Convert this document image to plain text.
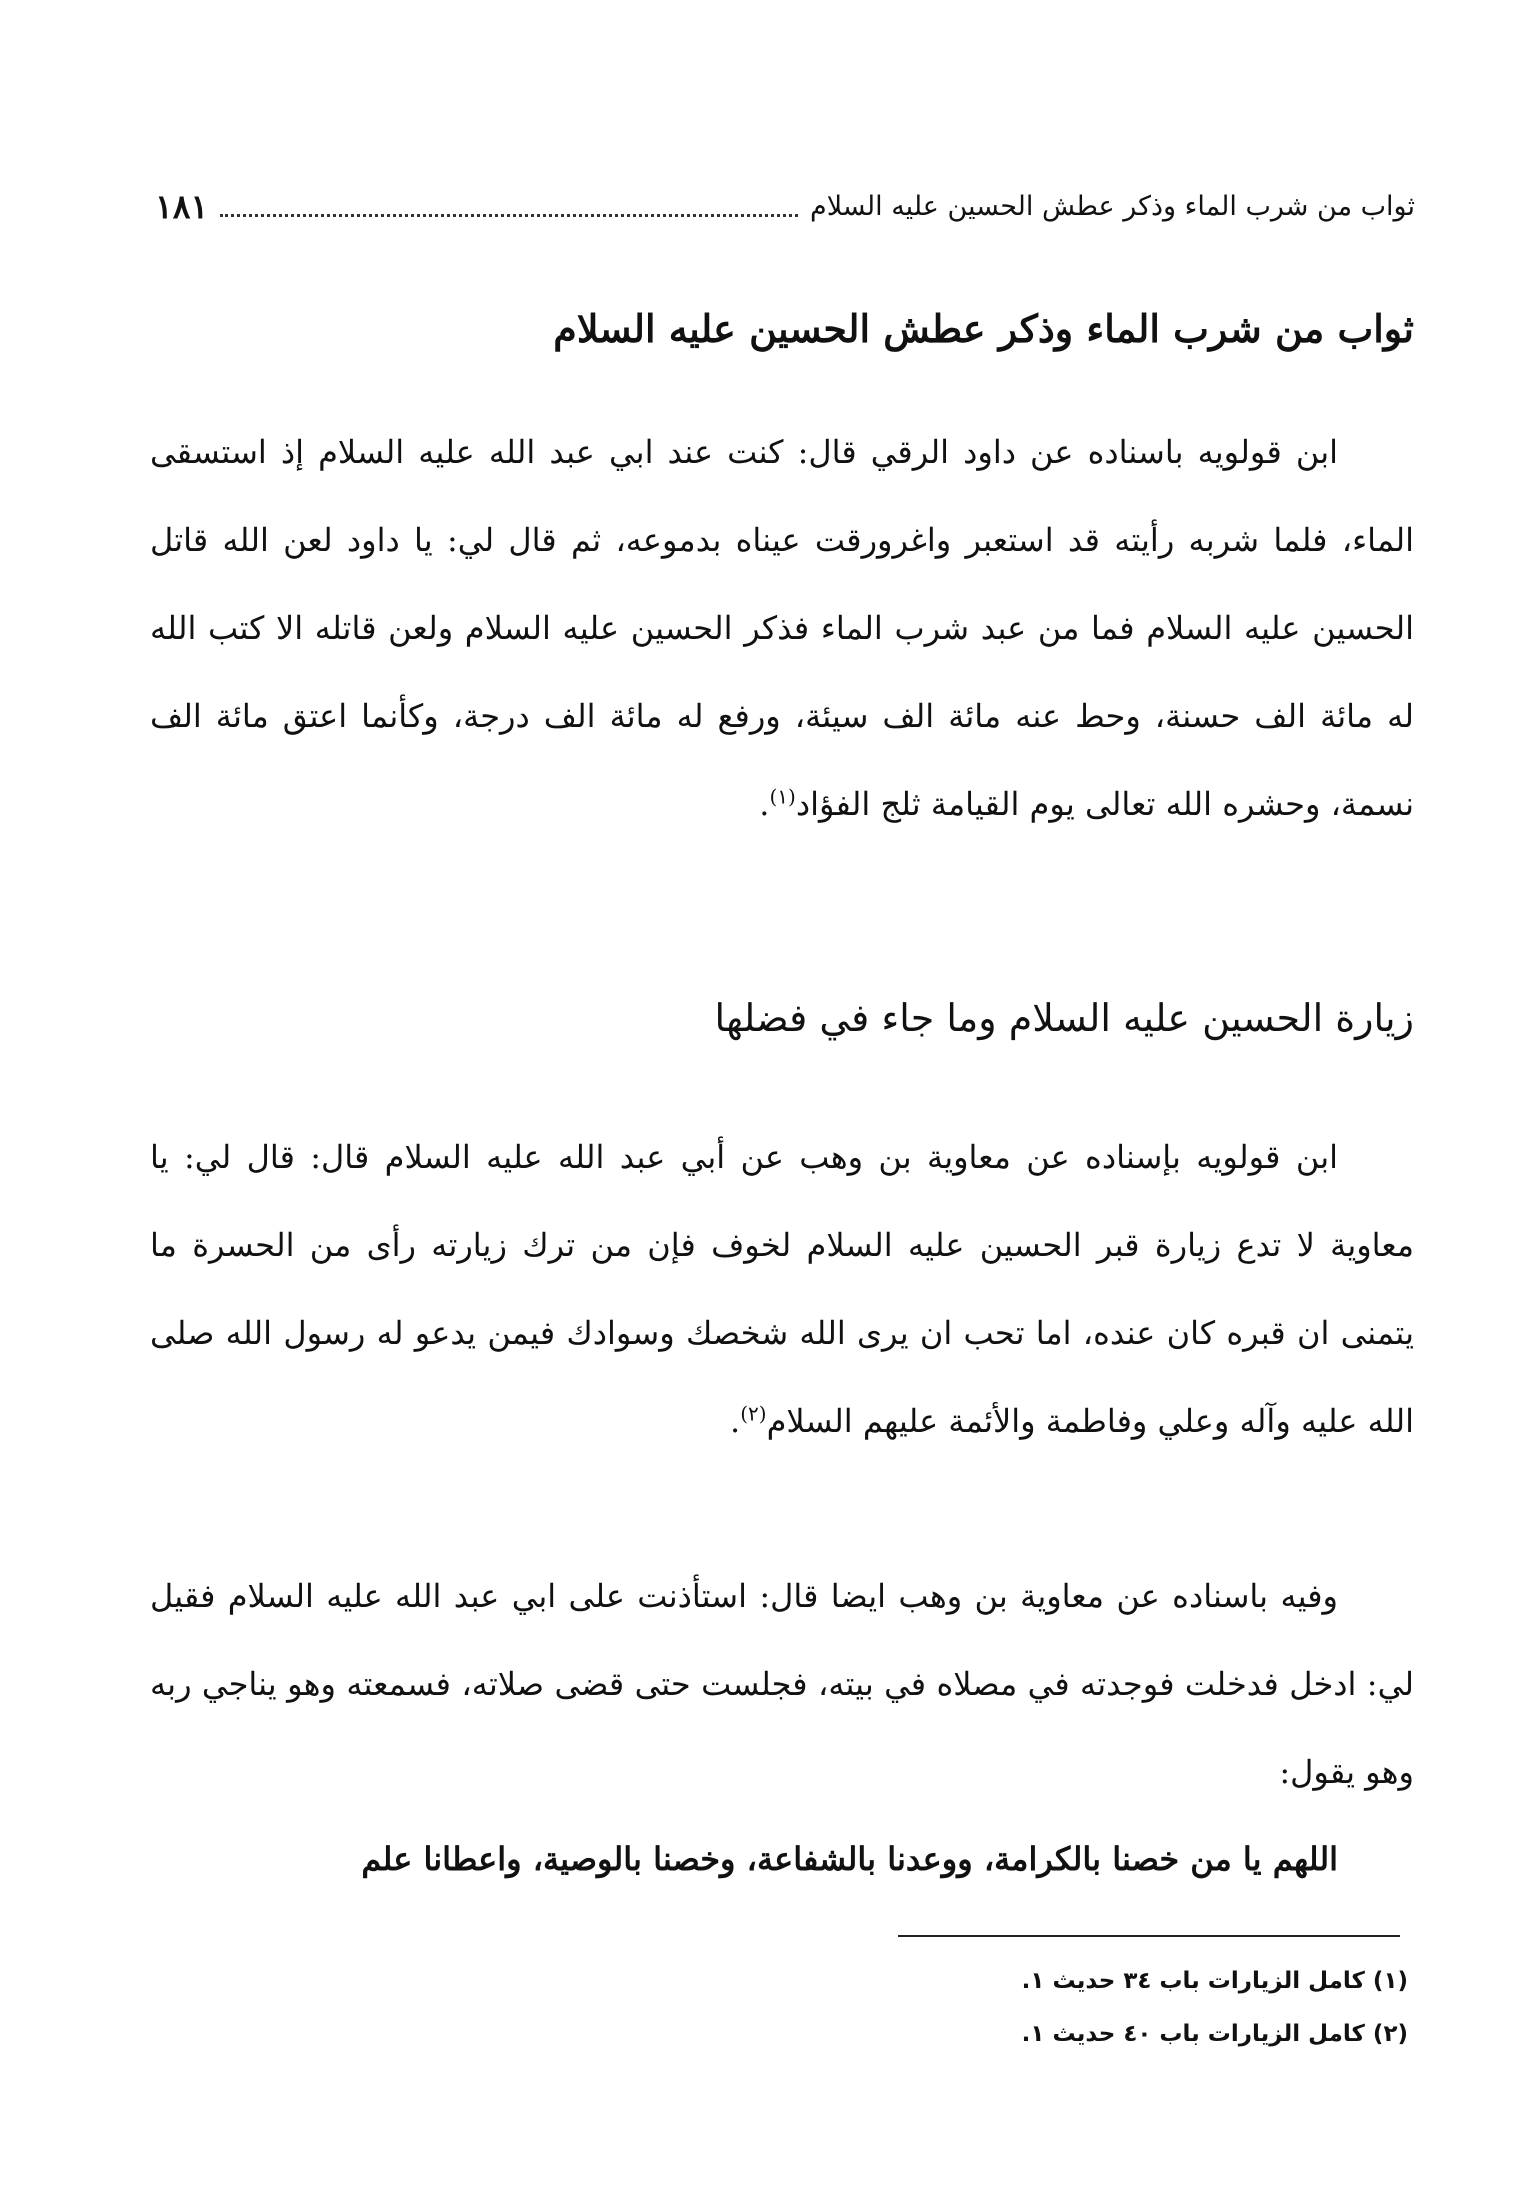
ثواب من شرب الماء وذكر عطش الحسين عليه السلام
١٨١
ثواب من شرب الماء وذكر عطش الحسين عليه السلام

ابن قولويه باسناده عن داود الرقي قال: كنت عند ابي عبد الله عليه السلام إذ استسقى الماء، فلما شربه رأيته قد استعبر واغرورقت عيناه بدموعه، ثم قال لي: يا داود لعن الله قاتل الحسين عليه السلام فما من عبد شرب الماء فذكر الحسين عليه السلام ولعن قاتله الا كتب الله له مائة الف حسنة، وحط عنه مائة الف سيئة، ورفع له مائة الف درجة، وكأنما اعتق مائة الف نسمة، وحشره الله تعالى يوم القيامة ثلج الفؤاد$^{(١)}$.

زيارة الحسين عليه السلام وما جاء في فضلها

ابن قولويه بإسناده عن معاوية بن وهب عن أبي عبد الله عليه السلام قال: قال لي: يا معاوية لا تدع زيارة قبر الحسين عليه السلام لخوف فإن من ترك زيارته رأى من الحسرة ما يتمنى ان قبره كان عنده، اما تحب ان يرى الله شخصك وسوادك فيمن يدعو له رسول الله صلى الله عليه وآله وعلي وفاطمة والأئمة عليهم السلام$^{(٢)}$.

وفيه باسناده عن معاوية بن وهب ايضا قال: استأذنت على ابي عبد الله عليه السلام فقيل لي: ادخل فدخلت فوجدته في مصلاه في بيته، فجلست حتى قضى صلاته، فسمعته وهو يناجي ربه وهو يقول:

اللهم يا من خصنا بالكرامة، ووعدنا بالشفاعة، وخصنا بالوصية، واعطانا علم

(١) كامل الزيارات باب ٣٤ حديث ١.
(٢) كامل الزيارات باب ٤٠ حديث ١.
